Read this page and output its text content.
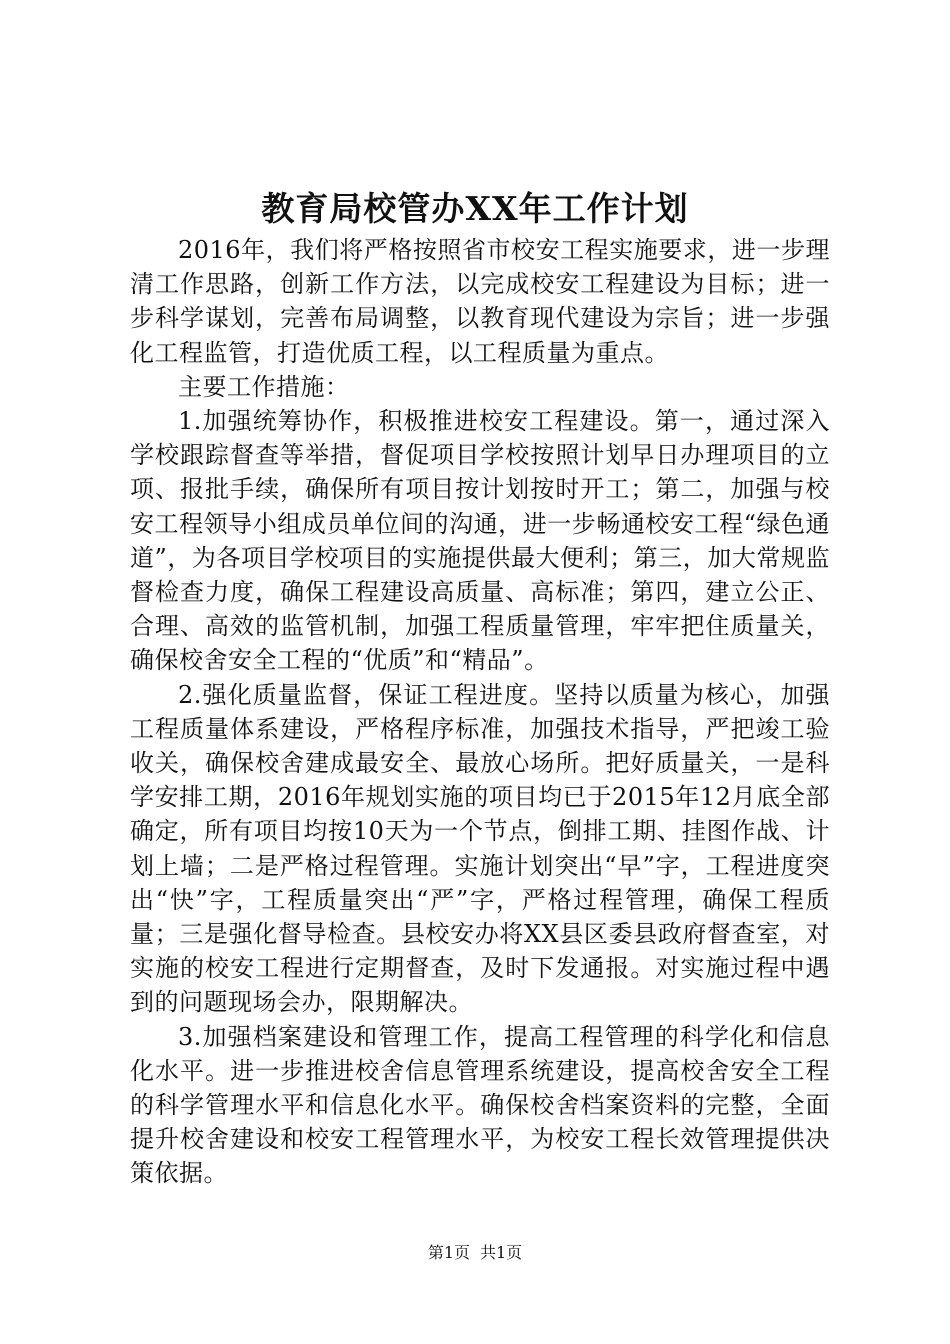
教育局校管办XX年工作计划

2016年，我们将严格按照省市校安工程实施要求，进一步理清工作思路，创新工作方法，以完成校安工程建设为目标；进一步科学谋划，完善布局调整，以教育现代建设为宗旨；进一步强化工程监管，打造优质工程，以工程质量为重点。

主要工作措施：

1.加强统筹协作，积极推进校安工程建设。第一，通过深入学校跟踪督查等举措，督促项目学校按照计划早日办理项目的立项、报批手续，确保所有项目按计划按时开工；第二，加强与校安工程领导小组成员单位间的沟通，进一步畅通校安工程“绿色通道”，为各项目学校项目的实施提供最大便利；第三，加大常规监督检查力度，确保工程建设高质量、高标准；第四，建立公正、合理、高效的监管机制，加强工程质量管理，牢牢把住质量关，确保校舍安全工程的“优质”和“精品”。

2.强化质量监督，保证工程进度。坚持以质量为核心，加强工程质量体系建设，严格程序标准，加强技术指导，严把竣工验收关，确保校舍建成最安全、最放心场所。把好质量关，一是科学安排工期，2016年规划实施的项目均已于2015年12月底全部确定，所有项目均按10天为一个节点，倒排工期、挂图作战、计划上墙；二是严格过程管理。实施计划突出“早”字，工程进度突出“快”字，工程质量突出“严”字，严格过程管理，确保工程质量；三是强化督导检查。县校安办将XX县区委县政府督查室，对实施的校安工程进行定期督查，及时下发通报。对实施过程中遇到的问题现场会办，限期解决。

3.加强档案建设和管理工作，提高工程管理的科学化和信息化水平。进一步推进校舍信息管理系统建设，提高校舍安全工程的科学管理水平和信息化水平。确保校舍档案资料的完整，全面提升校舍建设和校安工程管理水平，为校安工程长效管理提供决策依据。

第1页 共1页
